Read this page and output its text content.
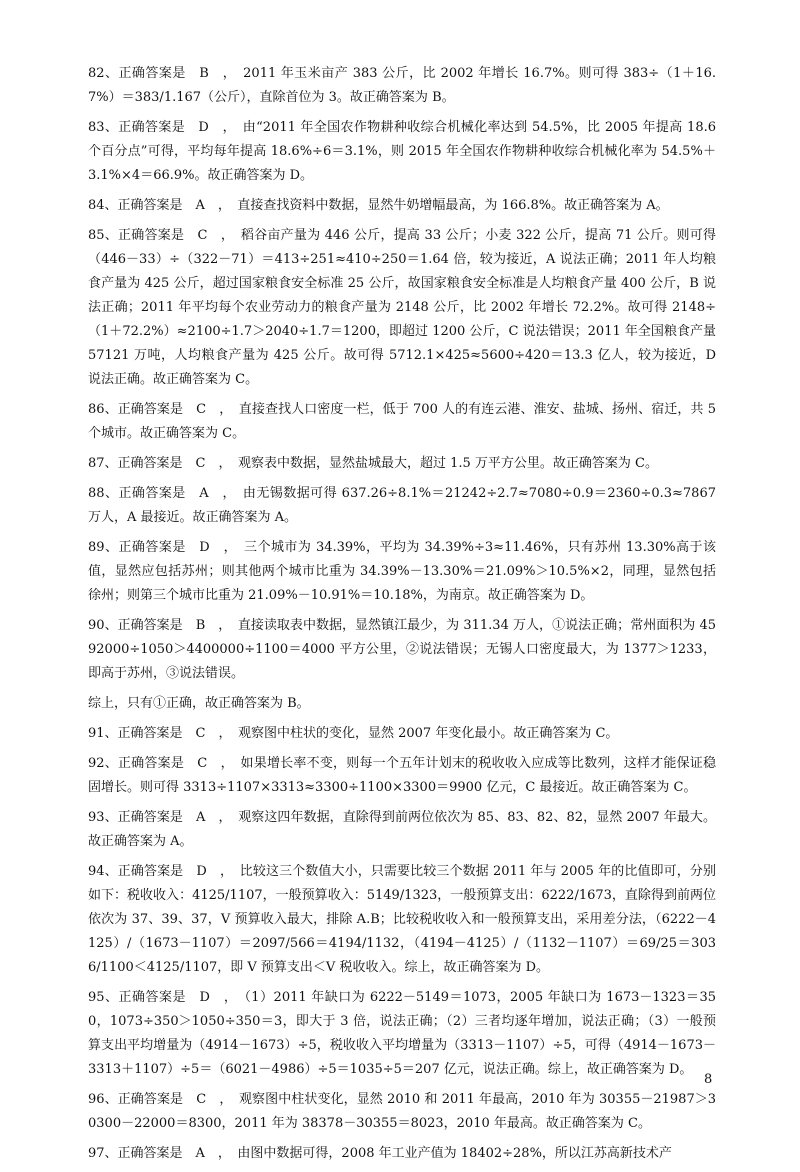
82、正确答案是　B　，　2011 年玉米亩产 383 公斤，比 2002 年增长 16.7%。则可得 383÷（1＋16.7%）＝383/1.167（公斤），直除首位为 3。故正确答案为 B。

83、正确答案是　D　，　由“2011 年全国农作物耕种收综合机械化率达到 54.5%，比 2005 年提高 18.6 个百分点”可得，平均每年提高 18.6%÷6＝3.1%，则 2015 年全国农作物耕种收综合机械化率为 54.5%＋3.1%×4＝66.9%。故正确答案为 D。

84、正确答案是　A　，　直接查找资料中数据，显然牛奶增幅最高，为 166.8%。故正确答案为 A。

85、正确答案是　C　，　稻谷亩产量为 446 公斤，提高 33 公斤；小麦 322 公斤，提高 71 公斤。则可得（446－33）÷（322－71）＝413÷251≈410÷250＝1.64 倍，较为接近，A 说法正确；2011 年人均粮食产量为 425 公斤，超过国家粮食安全标准 25 公斤，故国家粮食安全标准是人均粮食产量 400 公斤，B 说法正确；2011 年平均每个农业劳动力的粮食产量为 2148 公斤，比 2002 年增长 72.2%。故可得 2148÷（1＋72.2%）≈2100÷1.7＞2040÷1.7＝1200，即超过 1200 公斤，C 说法错误；2011 年全国粮食产量 57121 万吨，人均粮食产量为 425 公斤。故可得 5712.1×425≈5600÷420＝13.3 亿人，较为接近，D 说法正确。故正确答案为 C。

86、正确答案是　C　，　直接查找人口密度一栏，低于 700 人的有连云港、淮安、盐城、扬州、宿迁，共 5 个城市。故正确答案为 C。

87、正确答案是　C　，　观察表中数据，显然盐城最大，超过 1.5 万平方公里。故正确答案为 C。

88、正确答案是　A　，　由无锡数据可得 637.26÷8.1%＝21242÷2.7≈7080÷0.9＝2360÷0.3≈7867 万人，A 最接近。故正确答案为 A。

89、正确答案是　D　，　三个城市为 34.39%，平均为 34.39%÷3≈11.46%，只有苏州 13.30%高于该值，显然应包括苏州；则其他两个城市比重为 34.39%－13.30%＝21.09%＞10.5%×2，同理，显然包括徐州；则第三个城市比重为 21.09%－10.91%＝10.18%，为南京。故正确答案为 D。

90、正确答案是　B　，　直接读取表中数据，显然镇江最少，为 311.34 万人，①说法正确；常州面积为 4592000÷1050＞4400000÷1100＝4000 平方公里，②说法错误；无锡人口密度最大，为 1377＞1233，即高于苏州，③说法错误。

综上，只有①正确，故正确答案为 B。

91、正确答案是　C　，　观察图中柱状的变化，显然 2007 年变化最小。故正确答案为 C。

92、正确答案是　C　，　如果增长率不变，则每一个五年计划末的税收收入应成等比数列，这样才能保证稳固增长。则可得 3313÷1107×3313≈3300÷1100×3300＝9900 亿元，C 最接近。故正确答案为 C。

93、正确答案是　A　，　观察这四年数据，直除得到前两位依次为 85、83、82、82，显然 2007 年最大。故正确答案为 A。

94、正确答案是　D　，　比较这三个数值大小，只需要比较三个数据 2011 年与 2005 年的比值即可，分别如下：税收收入：4125/1107，一般预算收入：5149/1323，一般预算支出：6222/1673，直除得到前两位依次为 37、39、37，V 预算收入最大，排除 A.B；比较税收收入和一般预算支出，采用差分法，（6222－4125）/（1673－1107）＝2097/566＝4194/1132，（4194－4125）/（1132－1107）＝69/25＝3036/1100＜4125/1107，即 V 预算支出＜V 税收收入。综上，故正确答案为 D。

95、正确答案是　D　，　（1）2011 年缺口为 6222－5149＝1073，2005 年缺口为 1673－1323＝350，1073÷350＞1050÷350＝3，即大于 3 倍，说法正确；（2）三者均逐年增加，说法正确；（3）一般预算支出平均增量为（4914－1673）÷5，税收收入平均增量为（3313－1107）÷5，可得（4914－1673－3313＋1107）÷5＝（6021－4986）÷5＝1035÷5＝207 亿元，说法正确。综上，故正确答案为 D。

96、正确答案是　C　，　观察图中柱状变化，显然 2010 和 2011 年最高，2010 年为 30355－21987＞30300－22000＝8300，2011 年为 38378－30355＝8023，2010 年最高。故正确答案为 C。

97、正确答案是　A　，　由图中数据可得，2008 年工业产值为 18402÷28%，所以江苏高新技术产

8
